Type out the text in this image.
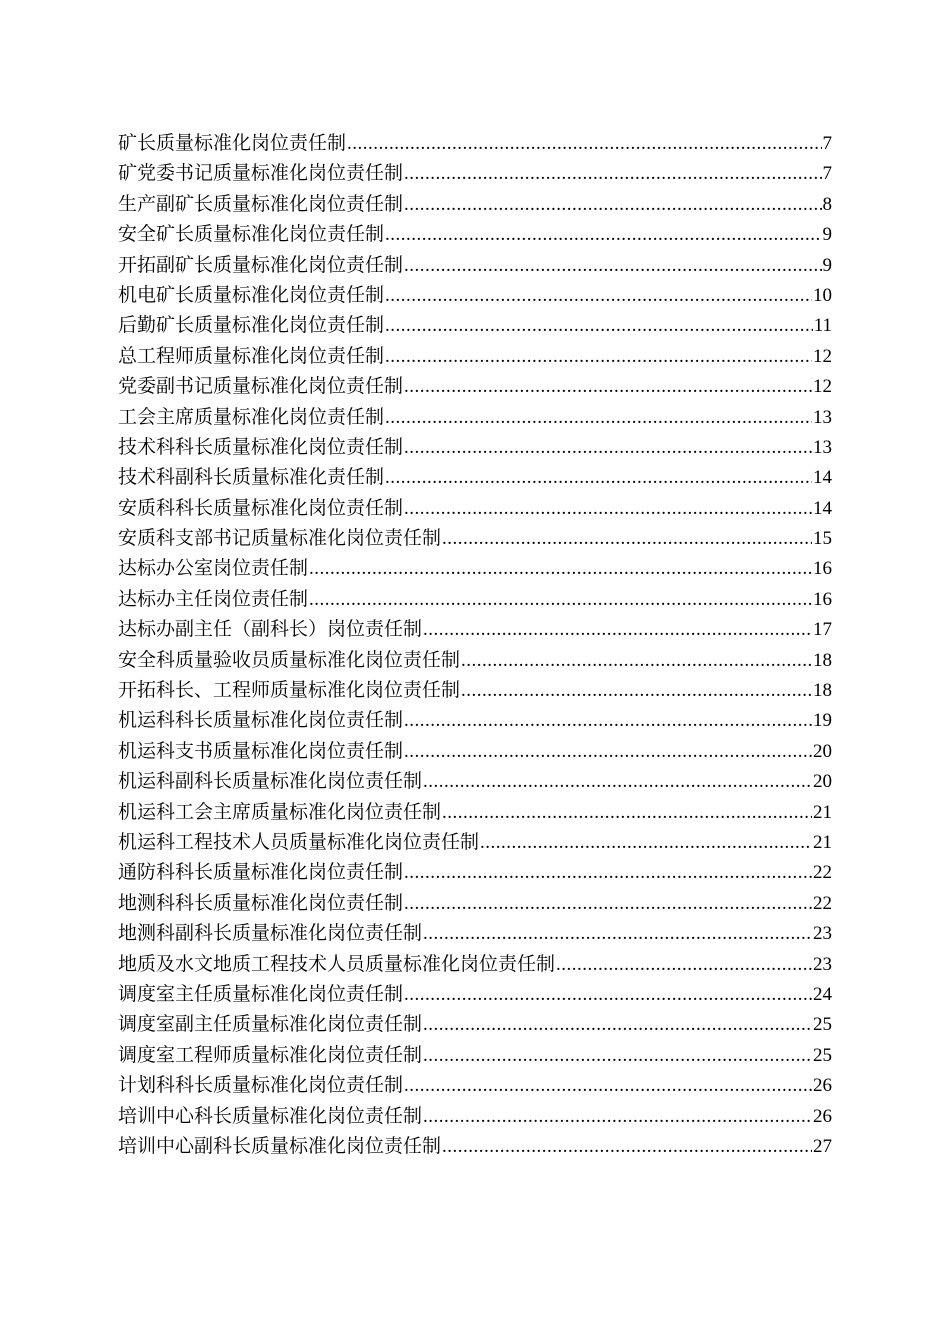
矿长质量标准化岗位责任制 .....	7
矿党委书记质量标准化岗位责任制 .....	7
生产副矿长质量标准化岗位责任制 .....	8
安全矿长质量标准化岗位责任制 .....	9
开拓副矿长质量标准化岗位责任制 .....	9
机电矿长质量标准化岗位责任制 .....	10
后勤矿长质量标准化岗位责任制 .....	11
总工程师质量标准化岗位责任制 .....	12
党委副书记质量标准化岗位责任制 .....	12
工会主席质量标准化岗位责任制 .....	13
技术科科长质量标准化岗位责任制 .....	13
技术科副科长质量标准化责任制 .....	14
安质科科长质量标准化岗位责任制 .....	14
安质科支部书记质量标准化岗位责任制 .....	15
达标办公室岗位责任制 .....	16
达标办主任岗位责任制 .....	16
达标办副主任（副科长）岗位责任制 .....	17
安全科质量验收员质量标准化岗位责任制 .....	18
开拓科长、工程师质量标准化岗位责任制 .....	18
机运科科长质量标准化岗位责任制 .....	19
机运科支书质量标准化岗位责任制 .....	20
机运科副科长质量标准化岗位责任制 .....	20
机运科工会主席质量标准化岗位责任制 .....	21
机运科工程技术人员质量标准化岗位责任制 .....	21
通防科科长质量标准化岗位责任制 .....	22
地测科科长质量标准化岗位责任制 .....	22
地测科副科长质量标准化岗位责任制 .....	23
地质及水文地质工程技术人员质量标准化岗位责任制 .....	23
调度室主任质量标准化岗位责任制 .....	24
调度室副主任质量标准化岗位责任制 .....	25
调度室工程师质量标准化岗位责任制 .....	25
计划科科长质量标准化岗位责任制 .....	26
培训中心科长质量标准化岗位责任制 .....	26
培训中心副科长质量标准化岗位责任制 .....	27
